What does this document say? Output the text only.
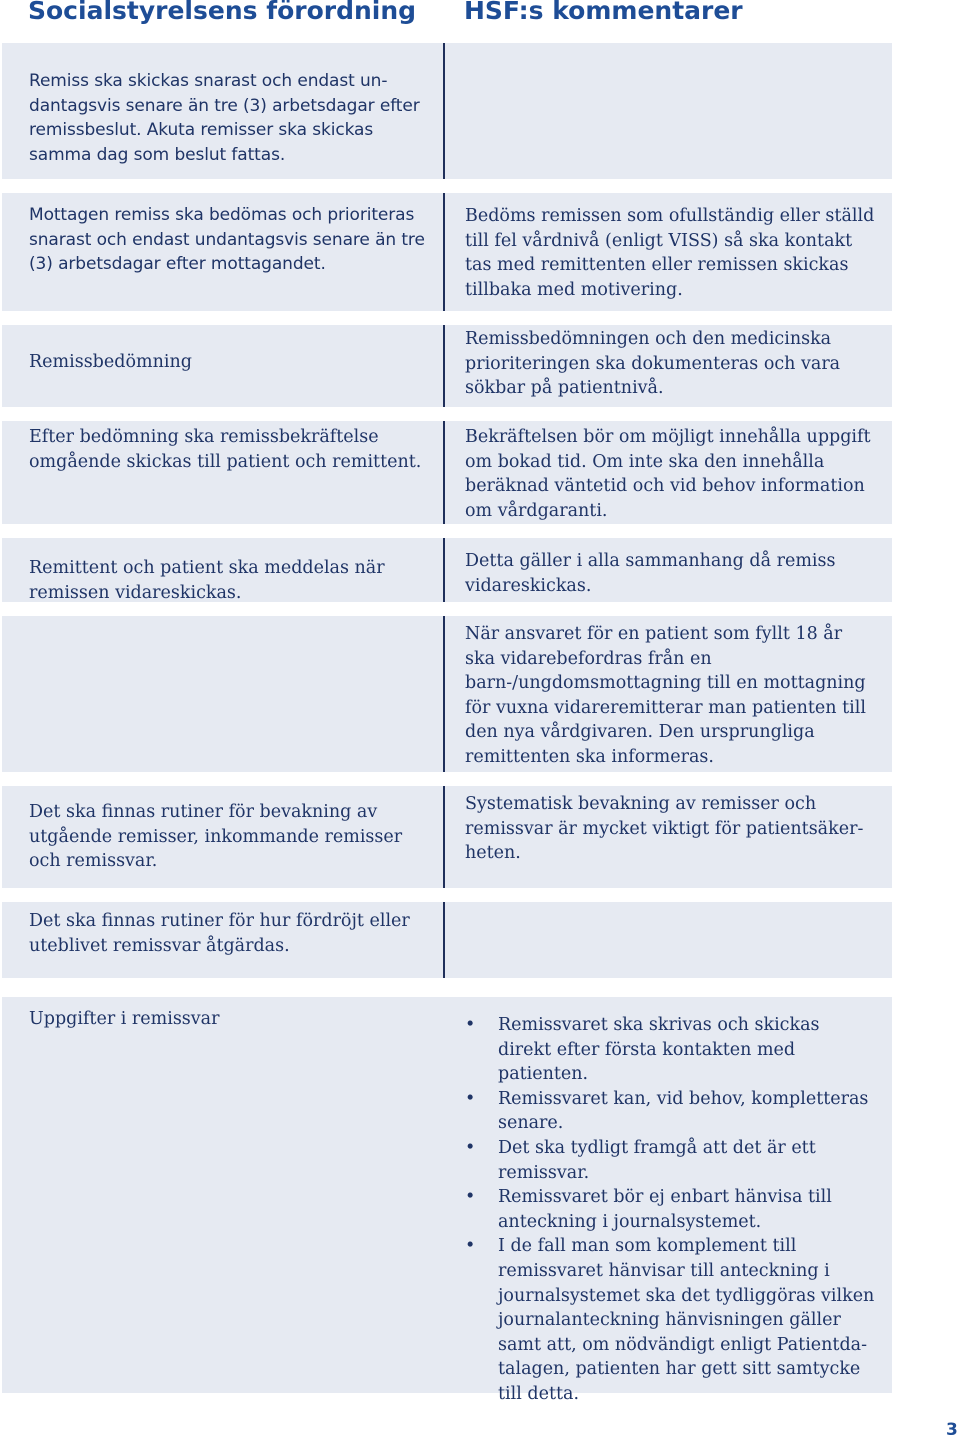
Socialstyrelsens förordning HSF:s kommentarer

Remiss ska skickas snarast och endast undantagsvis senare än tre (3) arbetsdagar efter remissbeslut. Akuta remisser ska skickas samma dag som beslut fattas.

Mottagen remiss ska bedömas och prioriteras snarast och endast undantagsvis senare än tre (3) arbetsdagar efter mottagandet.

Bedöms remissen som ofullständig eller ställd till fel vårdnivå (enligt VISS) så ska kontakt tas med remittenten eller remissen skickas tillbaka med motivering.

Remissbedömning

Remissbedömningen och den medicinska prioriteringen ska dokumenteras och vara sökbar på patientnivå.

Efter bedömning ska remissbekräftelse omgående skickas till patient och remittent.

Bekräftelsen bör om möjligt innehålla uppgift om bokad tid. Om inte ska den innehålla beräknad väntetid och vid behov information om vårdgaranti.

Remittent och patient ska meddelas när remissen vidareskickas.

Detta gäller i alla sammanhang då remiss vidareskickas.

När ansvaret för en patient som fyllt 18 år ska vidarebefordras från en barn-/ungdomsmottagning till en mottagning för vuxna vidareremitterar man patienten till den nya vårdgivaren. Den ursprungliga remittenten ska informeras.

Det ska finnas rutiner för bevakning av utgående remisser, inkommande remisser och remissvar.

Systematisk bevakning av remisser och remissvar är mycket viktigt för patientsäkerheten.

Det ska finnas rutiner för hur fördröjt eller uteblivet remissvar åtgärdas.

Uppgifter i remissvar	• Remissvaret ska skrivas och skickas direkt efter första kontakten med patienten.
• Remissvaret kan, vid behov, kompletteras senare.
• Det ska tydligt framgå att det är ett remissvar.
• Remissvaret bör ej enbart hänvisa till anteckning i journalsystemet.
• I de fall man som komplement till remissvaret hänvisar till anteckning i journalsystemet ska det tydliggöras vilken journalanteckning hänvisningen gäller samt att, om nödvändigt enligt Patientdatalagen, patienten har gett sitt samtycke till detta.

3
